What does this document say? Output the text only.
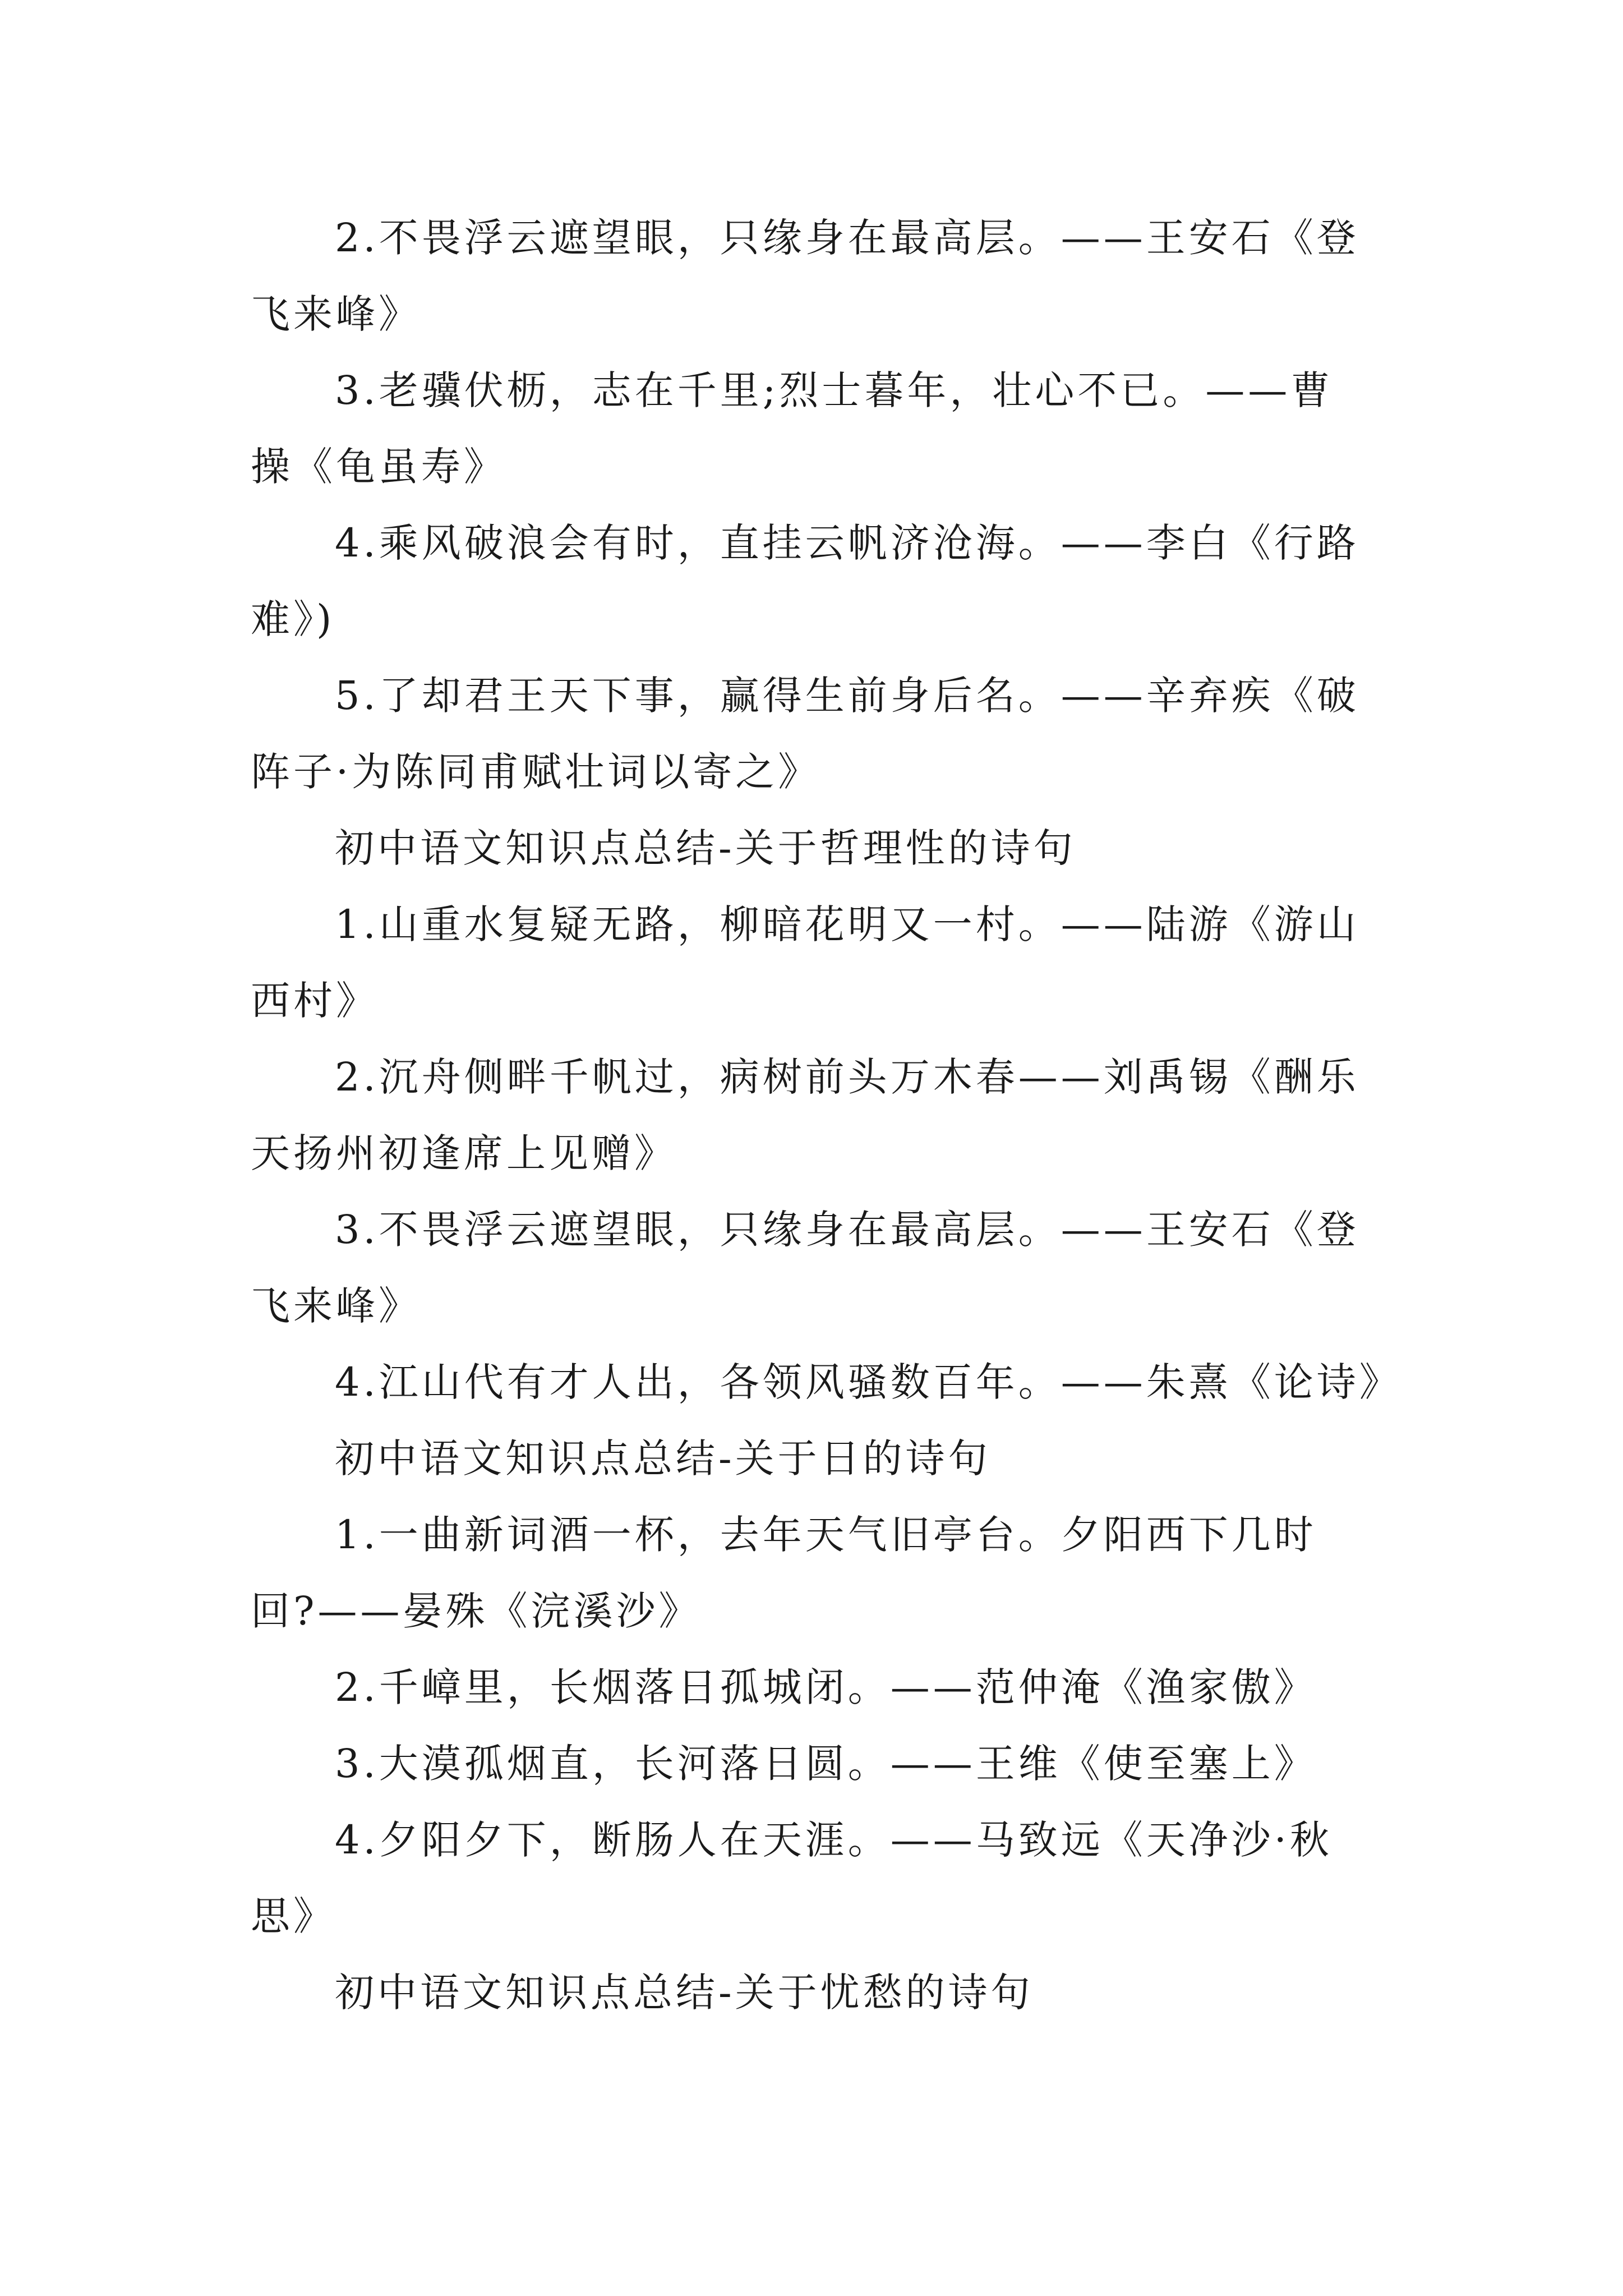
2.不畏浮云遮望眼，只缘身在最高层。——王安石《登
飞来峰》
3.老骥伏枥，志在千里;烈士暮年，壮心不已。——曹
操《龟虽寿》
4.乘风破浪会有时，直挂云帆济沧海。——李白《行路
难》)
5.了却君王天下事，赢得生前身后名。——辛弃疾《破
阵子·为陈同甫赋壮词以寄之》
初中语文知识点总结-关于哲理性的诗句
1.山重水复疑无路，柳暗花明又一村。——陆游《游山
西村》
2.沉舟侧畔千帆过，病树前头万木春——刘禹锡《酬乐
天扬州初逢席上见赠》
3.不畏浮云遮望眼，只缘身在最高层。——王安石《登
飞来峰》
4.江山代有才人出，各领风骚数百年。——朱熹《论诗》
初中语文知识点总结-关于日的诗句
1.一曲新词酒一杯，去年天气旧亭台。夕阳西下几时
回?——晏殊《浣溪沙》
2.千嶂里，长烟落日孤城闭。——范仲淹《渔家傲》
3.大漠孤烟直，长河落日圆。——王维《使至塞上》
4.夕阳夕下，断肠人在天涯。——马致远《天净沙·秋
思》
初中语文知识点总结-关于忧愁的诗句
